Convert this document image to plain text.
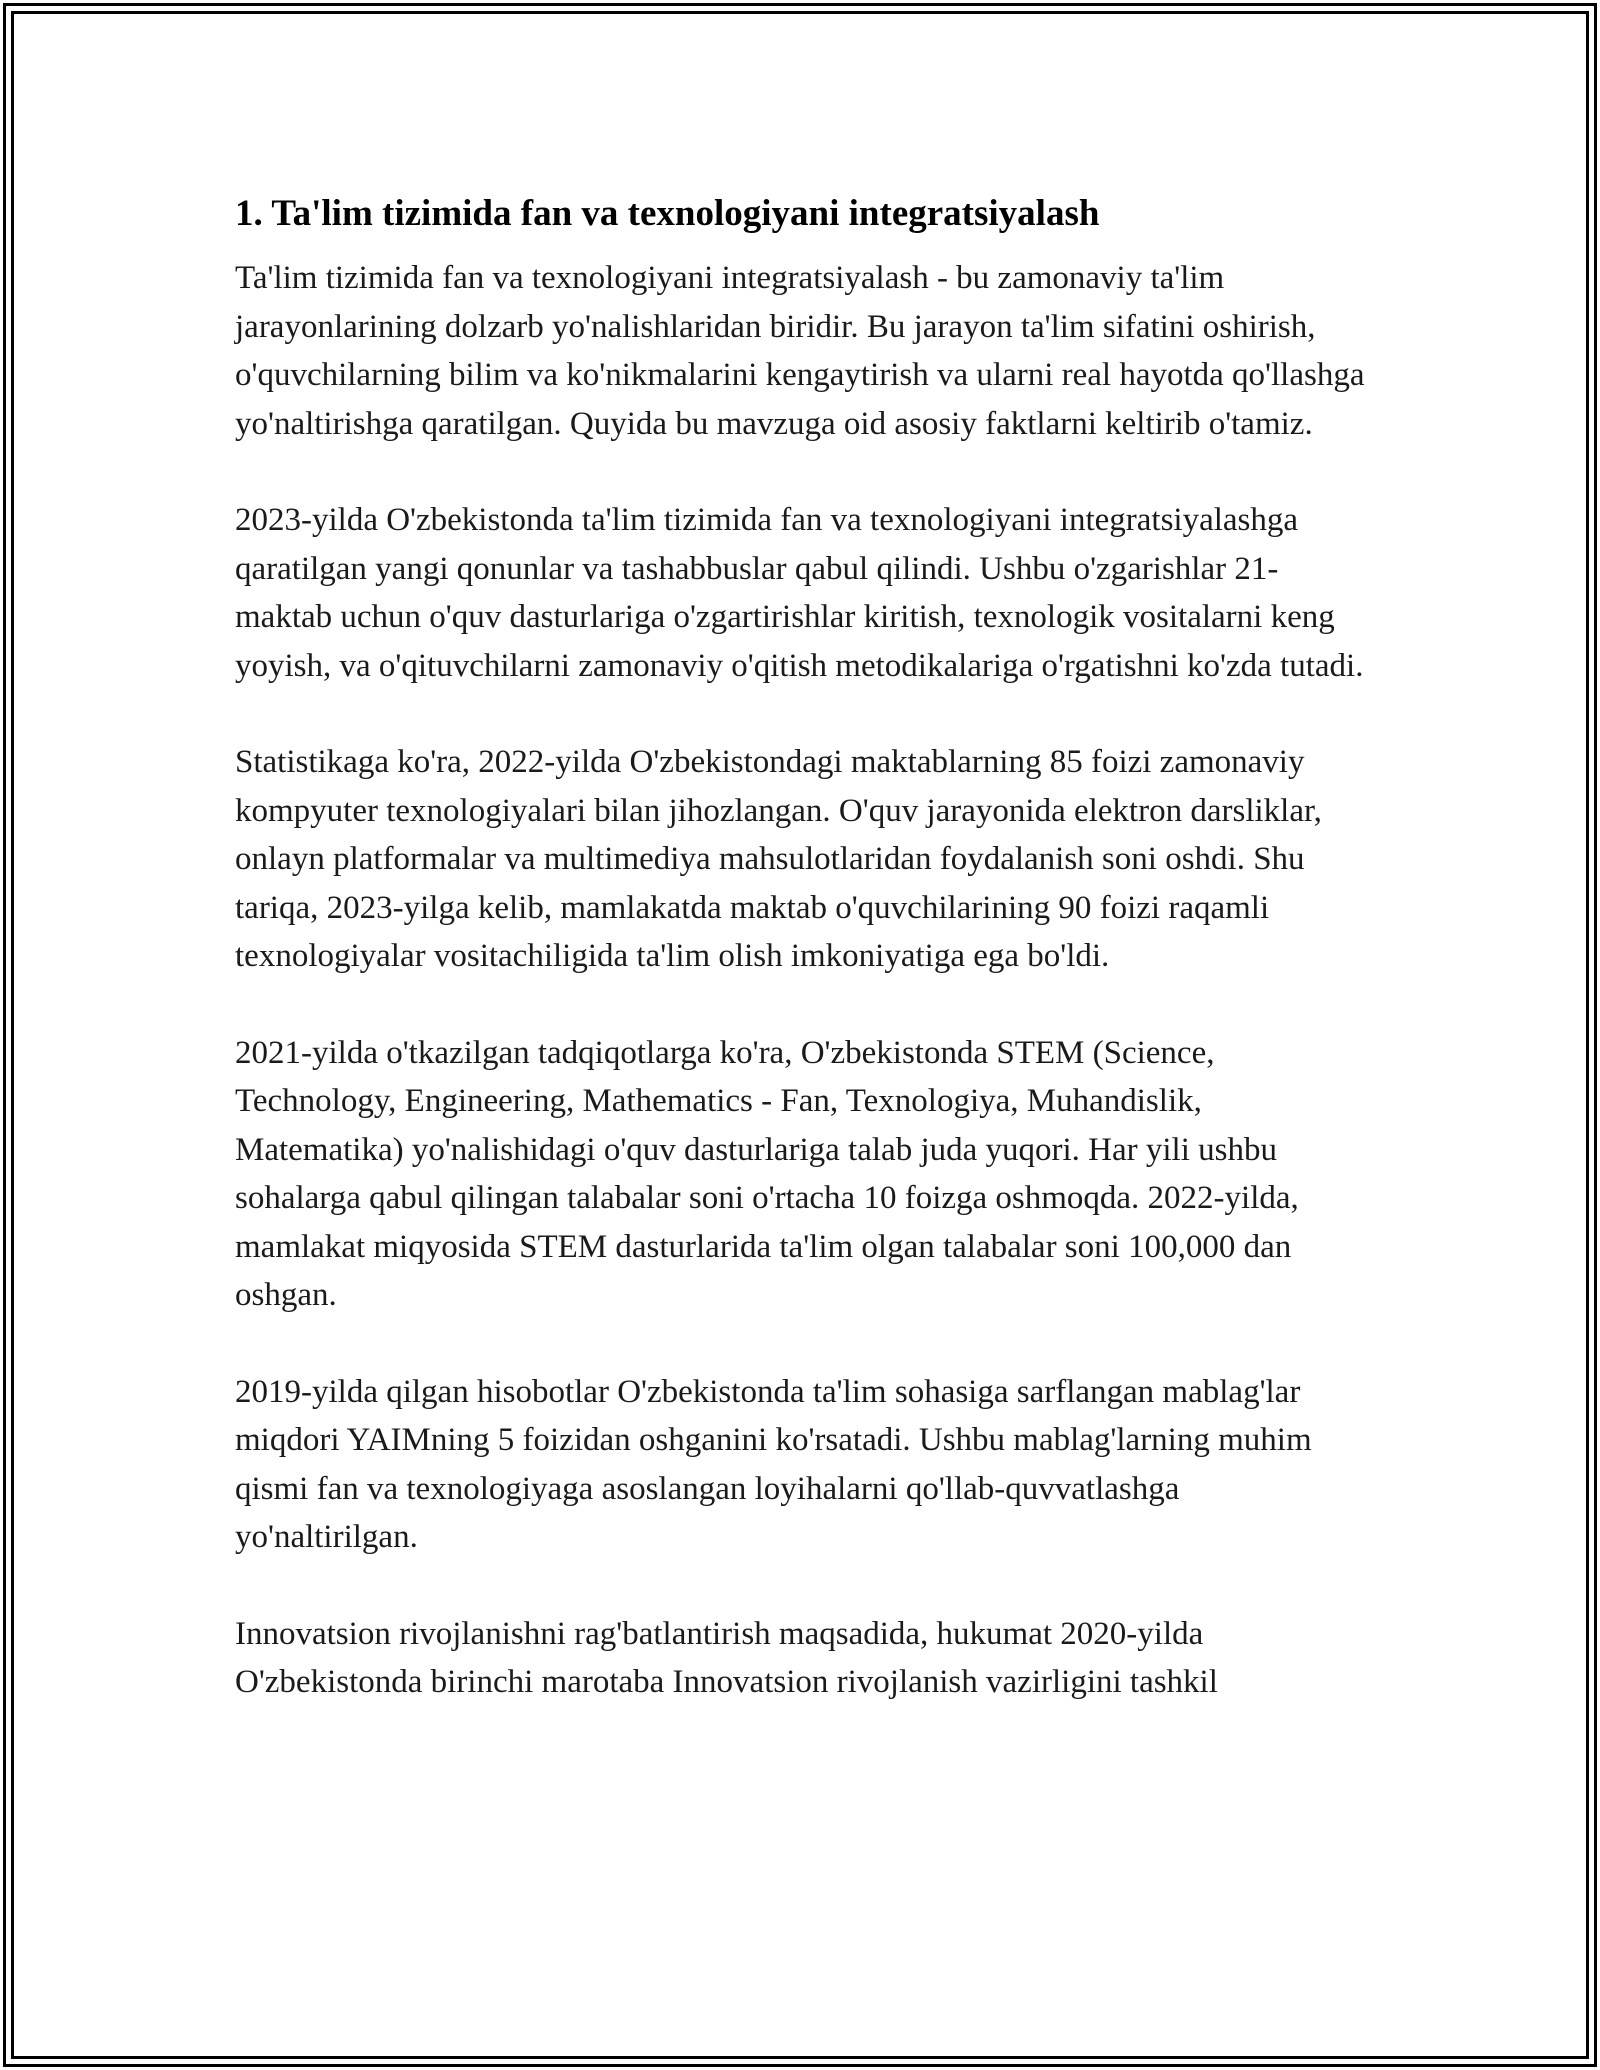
1. Ta'lim tizimida fan va texnologiyani integratsiyalash

Ta'lim tizimida fan va texnologiyani integratsiyalash - bu zamonaviy ta'lim jarayonlarining dolzarb yo'nalishlaridan biridir. Bu jarayon ta'lim sifatini oshirish, o'quvchilarning bilim va ko'nikmalarini kengaytirish va ularni real hayotda qo'llashga yo'naltirishga qaratilgan. Quyida bu mavzuga oid asosiy faktlarni keltirib o'tamiz.

2023-yilda O'zbekistonda ta'lim tizimida fan va texnologiyani integratsiyalashga qaratilgan yangi qonunlar va tashabbuslar qabul qilindi. Ushbu o'zgarishlar 21-maktab uchun o'quv dasturlariga o'zgartirishlar kiritish, texnologik vositalarni keng yoyish, va o'qituvchilarni zamonaviy o'qitish metodikalariga o'rgatishni ko'zda tutadi.

Statistikaga ko'ra, 2022-yilda O'zbekistondagi maktablarning 85 foizi zamonaviy kompyuter texnologiyalari bilan jihozlangan. O'quv jarayonida elektron darsliklar, onlayn platformalar va multimediya mahsulotlaridan foydalanish soni oshdi. Shu tariqa, 2023-yilga kelib, mamlakatda maktab o'quvchilarining 90 foizi raqamli texnologiyalar vositachiligida ta'lim olish imkoniyatiga ega bo'ldi.

2021-yilda o'tkazilgan tadqiqotlarga ko'ra, O'zbekistonda STEM (Science, Technology, Engineering, Mathematics - Fan, Texnologiya, Muhandislik, Matematika) yo'nalishidagi o'quv dasturlariga talab juda yuqori. Har yili ushbu sohalarga qabul qilingan talabalar soni o'rtacha 10 foizga oshmoqda. 2022-yilda, mamlakat miqyosida STEM dasturlarida ta'lim olgan talabalar soni 100,000 dan oshgan.

2019-yilda qilgan hisobotlar O'zbekistonda ta'lim sohasiga sarflangan mablag'lar miqdori YAIMning 5 foizidan oshganini ko'rsatadi. Ushbu mablag'larning muhim qismi fan va texnologiyaga asoslangan loyihalarni qo'llab-quvvatlashga yo'naltirilgan.

Innovatsion rivojlanishni rag'batlantirish maqsadida, hukumat 2020-yilda O'zbekistonda birinchi marotaba Innovatsion rivojlanish vazirligini tashkil
